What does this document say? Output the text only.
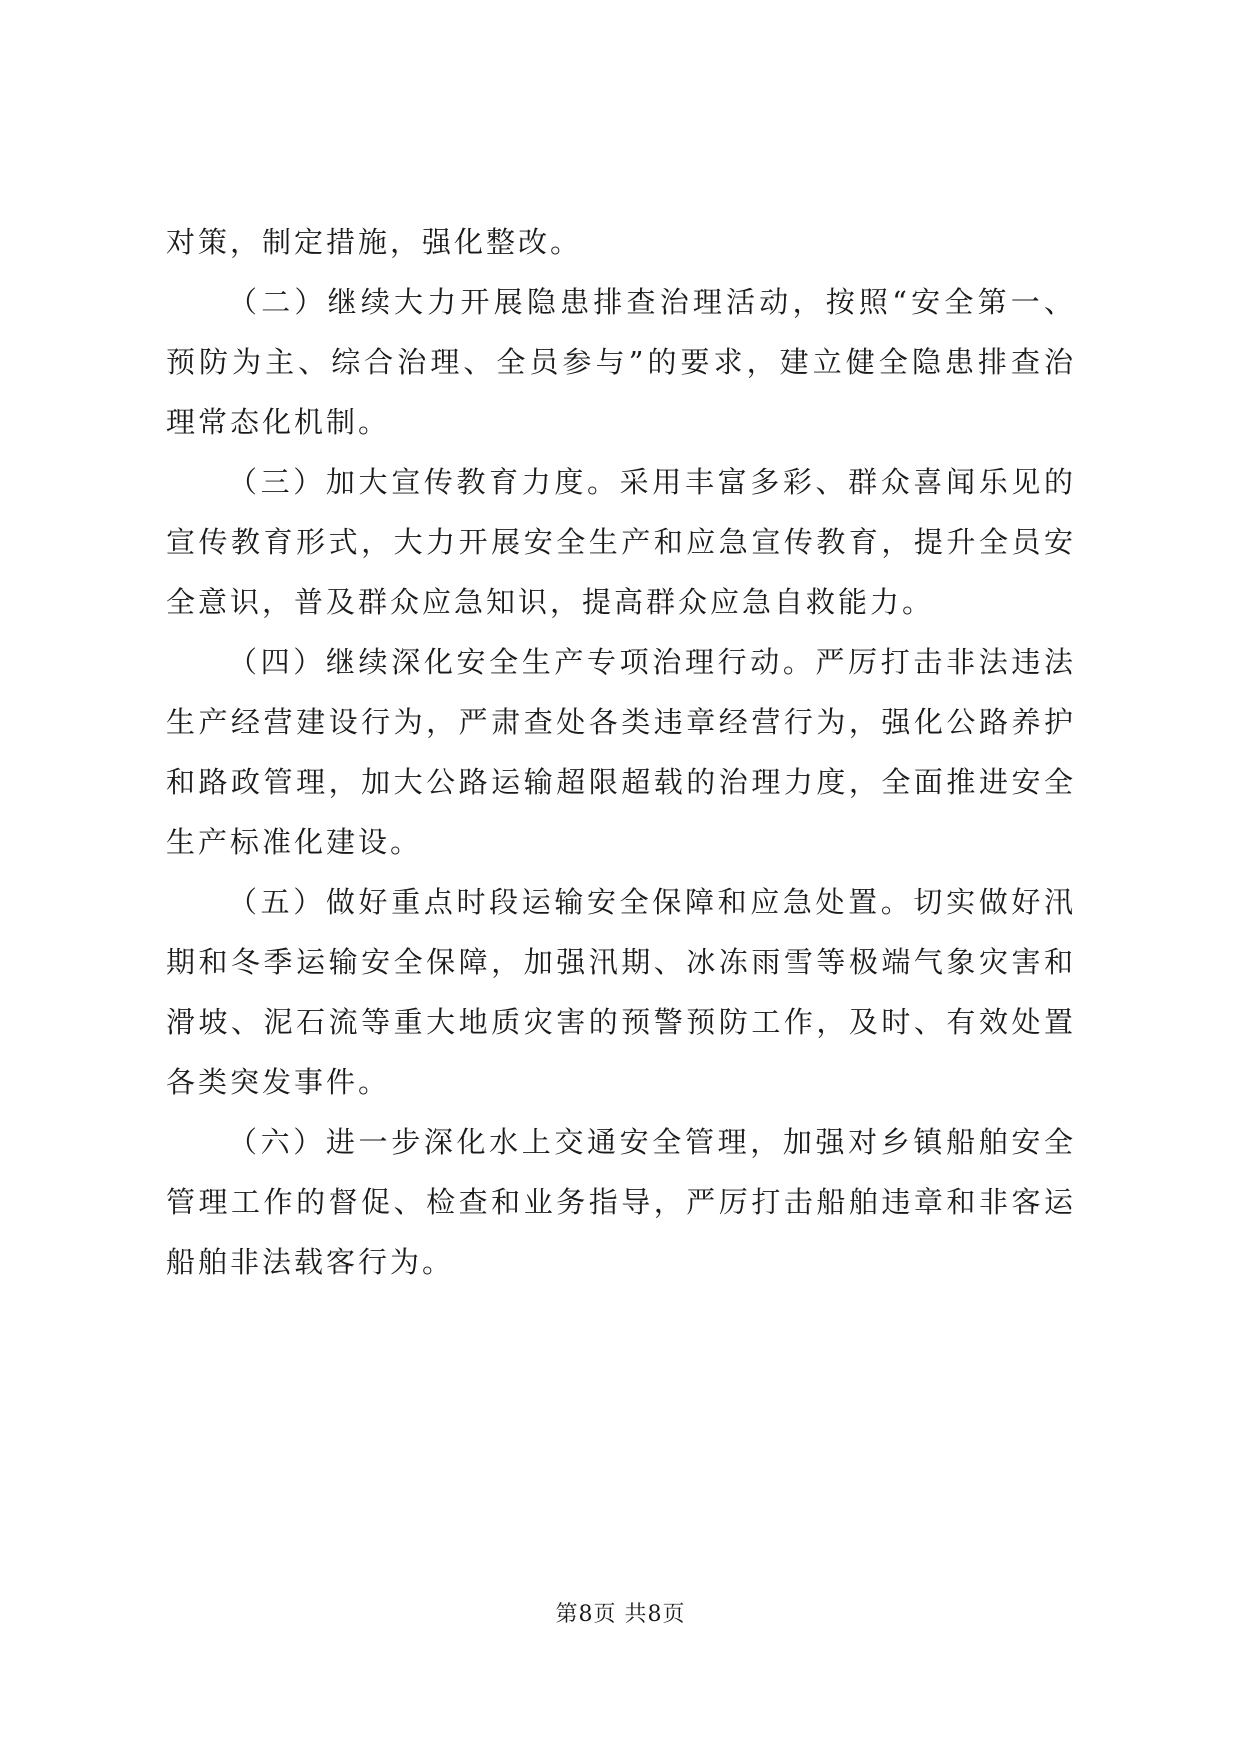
对策，制定措施，强化整改。

（二）继续大力开展隐患排查治理活动，按照“安全第一、预防为主、综合治理、全员参与”的要求，建立健全隐患排查治理常态化机制。

（三）加大宣传教育力度。采用丰富多彩、群众喜闻乐见的宣传教育形式，大力开展安全生产和应急宣传教育，提升全员安全意识，普及群众应急知识，提高群众应急自救能力。

（四）继续深化安全生产专项治理行动。严厉打击非法违法生产经营建设行为，严肃查处各类违章经营行为，强化公路养护和路政管理，加大公路运输超限超载的治理力度，全面推进安全生产标准化建设。

（五）做好重点时段运输安全保障和应急处置。切实做好汛期和冬季运输安全保障，加强汛期、冰冻雨雪等极端气象灾害和滑坡、泥石流等重大地质灾害的预警预防工作，及时、有效处置各类突发事件。

（六）进一步深化水上交通安全管理，加强对乡镇船舶安全管理工作的督促、检查和业务指导，严厉打击船舶违章和非客运船舶非法载客行为。

第8页 共8页
